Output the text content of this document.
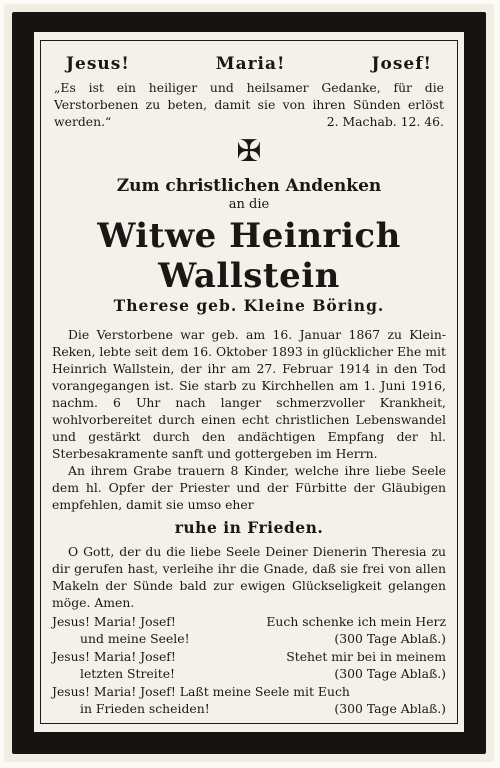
Jesus!	Maria!	Josef!
„Es ist ein heiliger und heilsamer Gedanke, für die Verstorbenen zu beten, damit sie von ihren Sünden erlöst werden.“	2. Machab. 12. 46.
✠
Zum christlichen Andenken
an die
Witwe Heinrich Wallstein
Therese geb. Kleine Böring.

Die Verstorbene war geb. am 16. Januar 1867 zu Klein-Reken, lebte seit dem 16. Oktober 1893 in glücklicher Ehe mit Heinrich Wallstein, der ihr am 27. Februar 1914 in den Tod vorangegangen ist. Sie starb zu Kirchhellen am 1. Juni 1916, nachm. 6 Uhr nach langer schmerzvoller Krankheit, wohlvorbereitet durch einen echt christlichen Lebenswandel und gestärkt durch den andächtigen Empfang der hl. Sterbesakramente sanft und gottergeben im Herrn.

An ihrem Grabe trauern 8 Kinder, welche ihre liebe Seele dem hl. Opfer der Priester und der Fürbitte der Gläubigen empfehlen, damit sie umso eher

ruhe in Frieden.
O Gott, der du die liebe Seele Deiner Dienerin Theresia zu dir gerufen hast, verleihe ihr die Gnade, daß sie frei von allen Makeln der Sünde bald zur ewigen Glückseligkeit gelangen möge. Amen.
Jesus! Maria! Josef!	Euch schenke ich mein Herz
und meine Seele!	(300 Tage Ablaß.)
Jesus! Maria! Josef!	Stehet mir bei in meinem
letzten Streite!	(300 Tage Ablaß.)
Jesus! Maria! Josef! Laßt meine Seele mit Euch
in Frieden scheiden!	(300 Tage Ablaß.)
